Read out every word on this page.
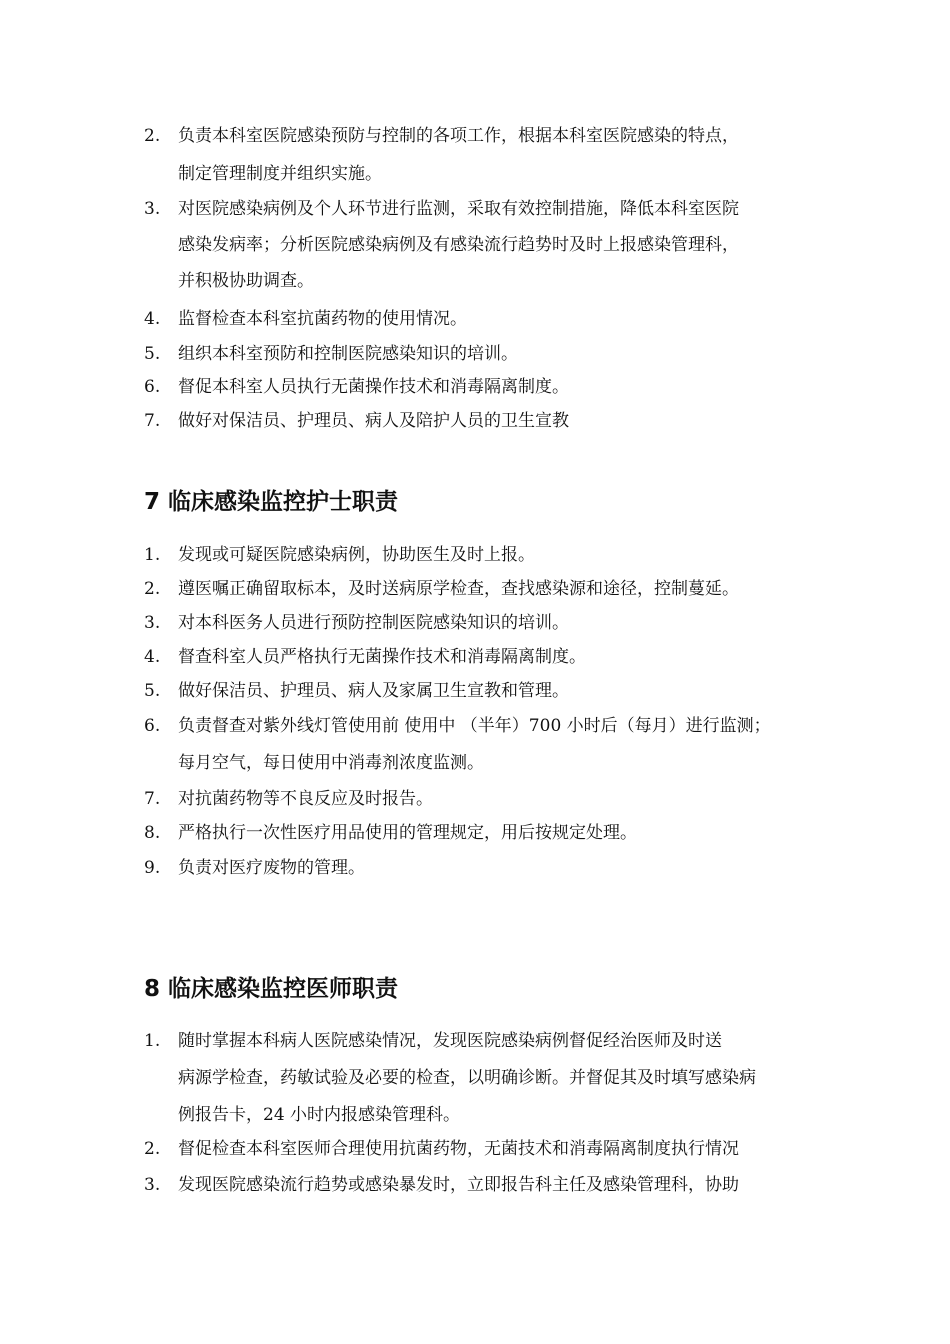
2.	负责本科室医院感染预防与控制的各项工作，根据本科室医院感染的特点，
制定管理制度并组织实施。
3.	对医院感染病例及个人环节进行监测，采取有效控制措施，降低本科室医院
感染发病率；分析医院感染病例及有感染流行趋势时及时上报感染管理科，
并积极协助调查。
4.	监督检查本科室抗菌药物的使用情况。
5.	组织本科室预防和控制医院感染知识的培训。
6.	督促本科室人员执行无菌操作技术和消毒隔离制度。
7.	做好对保洁员、护理员、病人及陪护人员的卫生宣教
7 临床感染监控护士职责
1.	发现或可疑医院感染病例，协助医生及时上报。
2.	遵医嘱正确留取标本，及时送病原学检查，查找感染源和途径，控制蔓延。
3.	对本科医务人员进行预防控制医院感染知识的培训。
4.	督查科室人员严格执行无菌操作技术和消毒隔离制度。
5.	做好保洁员、护理员、病人及家属卫生宣教和管理。
6.	负责督查对紫外线灯管使用前 使用中 （半年）700 小时后（每月）进行监测；
每月空气，每日使用中消毒剂浓度监测。
7.	对抗菌药物等不良反应及时报告。
8.	严格执行一次性医疗用品使用的管理规定，用后按规定处理。
9.	负责对医疗废物的管理。
8 临床感染监控医师职责
1.	随时掌握本科病人医院感染情况，发现医院感染病例督促经治医师及时送
病源学检查，药敏试验及必要的检查，以明确诊断。并督促其及时填写感染病
例报告卡，24 小时内报感染管理科。
2.	督促检查本科室医师合理使用抗菌药物，无菌技术和消毒隔离制度执行情况
3.	发现医院感染流行趋势或感染暴发时，立即报告科主任及感染管理科，协助
